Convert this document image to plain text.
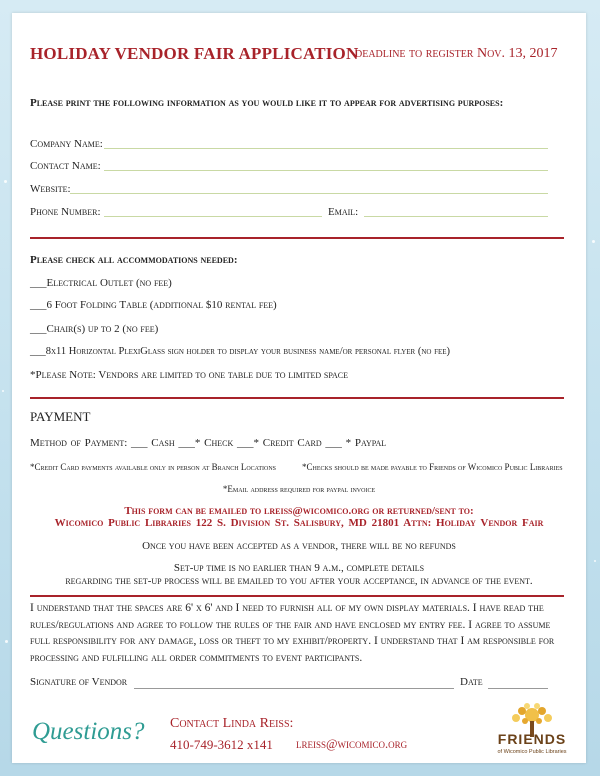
HOLIDAY VENDOR FAIR APPLICATION
deadline to register Nov. 13, 2017
Please print the following information as you would like it to appear for advertising purposes:
Company Name:
Contact Name:
Website:
Phone Number:	Email:
Please check all accommodations needed:
___Electrical Outlet (no fee)
___6 Foot Folding Table (additional $10 rental fee)
___Chair(s) up to 2 (no fee)
___8x11 Horizontal PlexiGlass sign holder to display your business name/or personal flyer (no fee)
*Please Note: Vendors are limited to one table due to limited space
PAYMENT
Method of Payment: ___ Cash ___* Check ___* Credit Card ___ * Paypal
*Credit Card payments available only in person at Branch Locations	*Checks should be made payable to Friends of Wicomico Public Libraries
*Email address required for paypal invoice
This form can be emailed to lreiss@wicomico.org or returned/sent to:
Wicomico Public Libraries 122 S. Division St. Salisbury, MD 21801 Attn: Holiday Vendor Fair
Once you have been accepted as a vendor, there will be no refunds
Set-up time is no earlier than 9 a.m., complete details
regarding the set-up process will be emailed to you after your acceptance, in advance of the event.
I understand that the spaces are 6' x 6' and I need to furnish all of my own display materials. I have read the rules/regulations and agree to follow the rules of the fair and have enclosed my entry fee. I agree to assume full responsibility for any damage, loss or theft to my exhibit/property. I understand that I am responsible for processing and fulfilling all order commitments to event participants.
Signature of Vendor	Date
Questions? Contact Linda Reiss:
410-749-3612 x141 lreiss@wicomico.org	FRIENDS
of Wicomico Public Libraries
